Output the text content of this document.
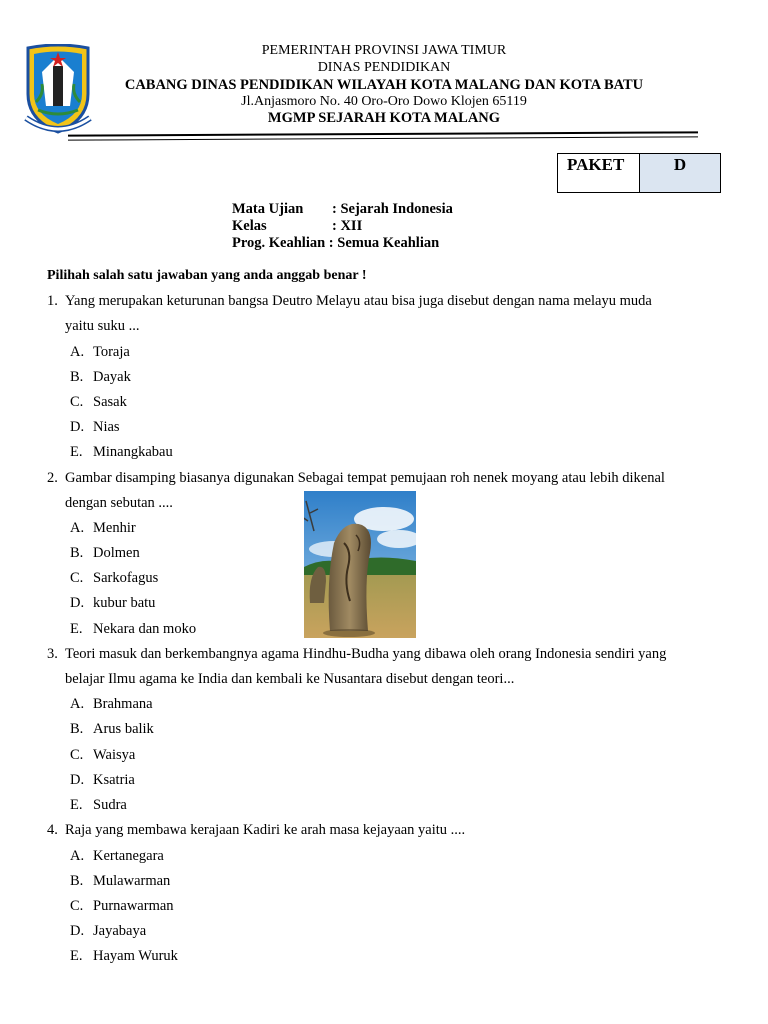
PEMERINTAH PROVINSI JAWA TIMUR
DINAS PENDIDIKAN
CABANG DINAS PENDIDIKAN WILAYAH KOTA MALANG DAN KOTA BATU
Jl.Anjasmoro No. 40 Oro-Oro Dowo Klojen 65119
MGMP SEJARAH KOTA MALANG
PAKET	D
Mata Ujian : Sejarah Indonesia
Kelas	: XII
Prog. Keahlian : Semua Keahlian
Pilihah salah satu jawaban yang anda anggab benar !
1. Yang merupakan keturunan bangsa Deutro Melayu atau bisa juga disebut dengan nama melayu muda
yaitu suku ...
A. Toraja
B. Dayak
C. Sasak
D. Nias
E. Minangkabau
2. Gambar disamping biasanya digunakan Sebagai tempat pemujaan roh nenek moyang atau lebih dikenal
dengan sebutan ....
A. Menhir
B. Dolmen
C. Sarkofagus
D. kubur batu
E. Nekara dan moko
3. Teori masuk dan berkembangnya agama Hindhu-Budha yang dibawa oleh orang Indonesia sendiri yang
belajar Ilmu agama ke India dan kembali ke Nusantara disebut dengan teori...
A. Brahmana
B. Arus balik
C. Waisya
D. Ksatria
E. Sudra
4. Raja yang membawa kerajaan Kadiri ke arah masa kejayaan yaitu ....
A. Kertanegara
B. Mulawarman
C. Purnawarman
D. Jayabaya
E. Hayam Wuruk
